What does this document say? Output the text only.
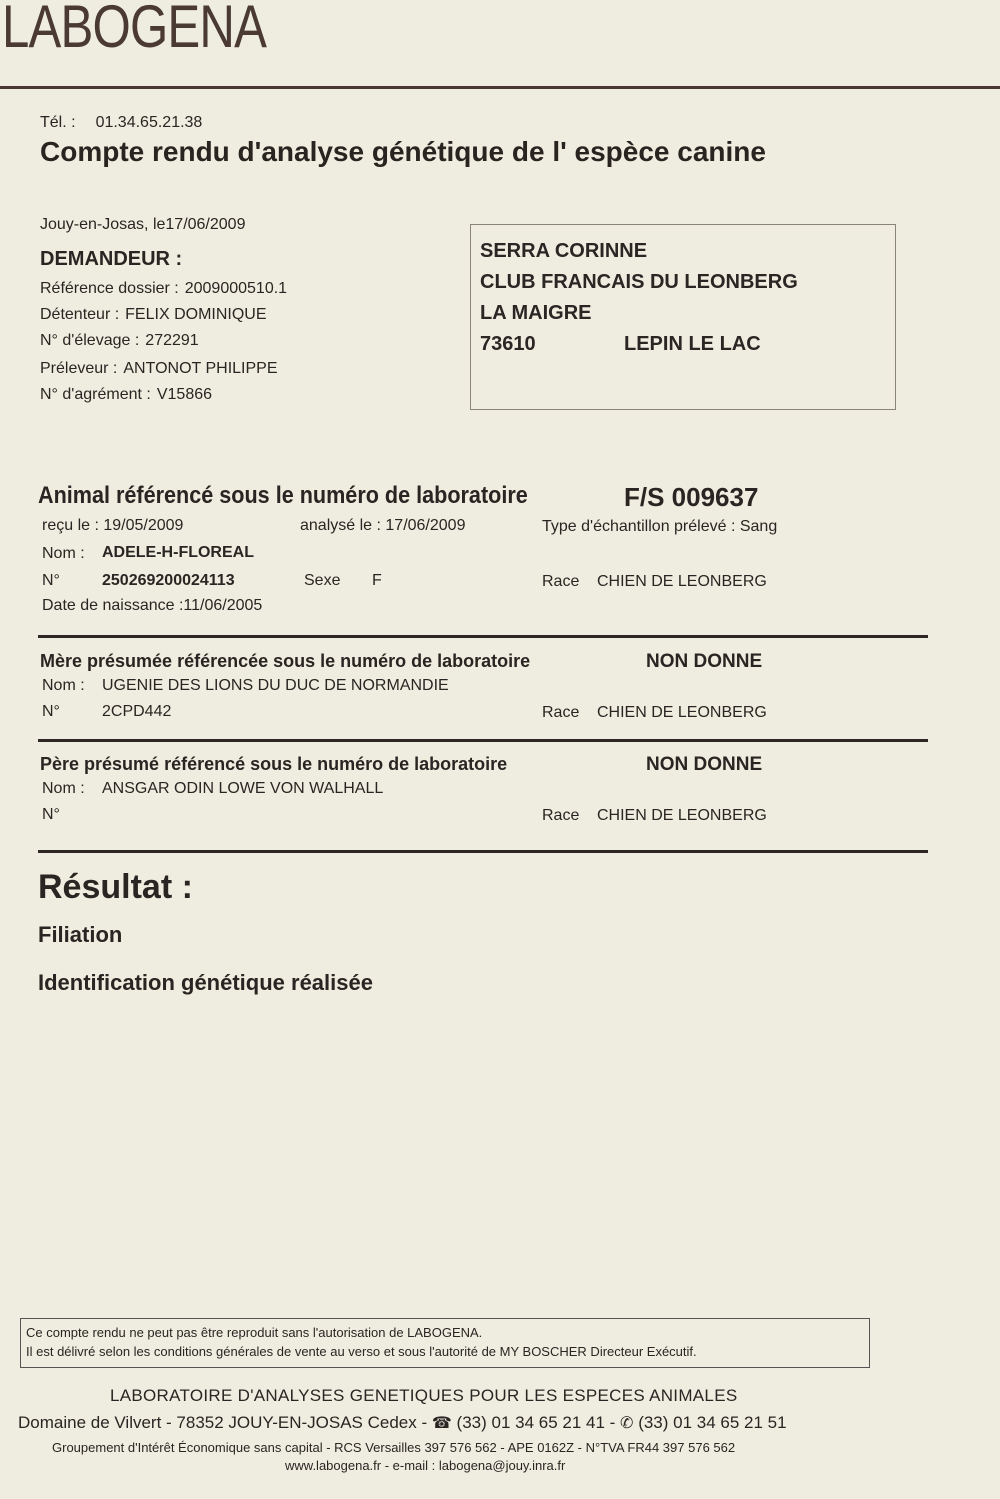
LABOGENA
Tél. : 01.34.65.21.38
Compte rendu d'analyse génétique de l' espèce canine
Jouy-en-Josas, le17/06/2009
DEMANDEUR :
Référence dossier : 2009000510.1
Détenteur : FELIX DOMINIQUE
N° d'élevage : 272291
Préleveur : ANTONOT PHILIPPE
N° d'agrément : V15866
SERRA CORINNE
CLUB FRANCAIS DU LEONBERG
LA MAIGRE
73610	LEPIN LE LAC
Animal référencé sous le numéro de laboratoire	F/S 009637
reçu le : 19/05/2009	analysé le : 17/06/2009	Type d'échantillon prélevé : Sang
Nom : ADELE-H-FLOREAL
N°	250269200024113	Sexe F	Race CHIEN DE LEONBERG
Date de naissance :11/06/2005
Mère présumée référencée sous le numéro de laboratoire	NON DONNE
Nom : UGENIE DES LIONS DU DUC DE NORMANDIE
N°	2CPD442	Race CHIEN DE LEONBERG
Père présumé référencé sous le numéro de laboratoire	NON DONNE
Nom : ANSGAR ODIN LOWE VON WALHALL
N°	Race CHIEN DE LEONBERG
Résultat :
Filiation
Identification génétique réalisée
Ce compte rendu ne peut pas être reproduit sans l'autorisation de LABOGENA.
Il est délivré selon les conditions générales de vente au verso et sous l'autorité de MY BOSCHER Directeur Exécutif.
LABORATOIRE D'ANALYSES GENETIQUES POUR LES ESPECES ANIMALES
Domaine de Vilvert - 78352 JOUY-EN-JOSAS Cedex - ☎ (33) 01 34 65 21 41 - ✆ (33) 01 34 65 21 51
Groupement d'Intérêt Économique sans capital - RCS Versailles 397 576 562 - APE 0162Z - N°TVA FR44 397 576 562
www.labogena.fr - e-mail : labogena@jouy.inra.fr
